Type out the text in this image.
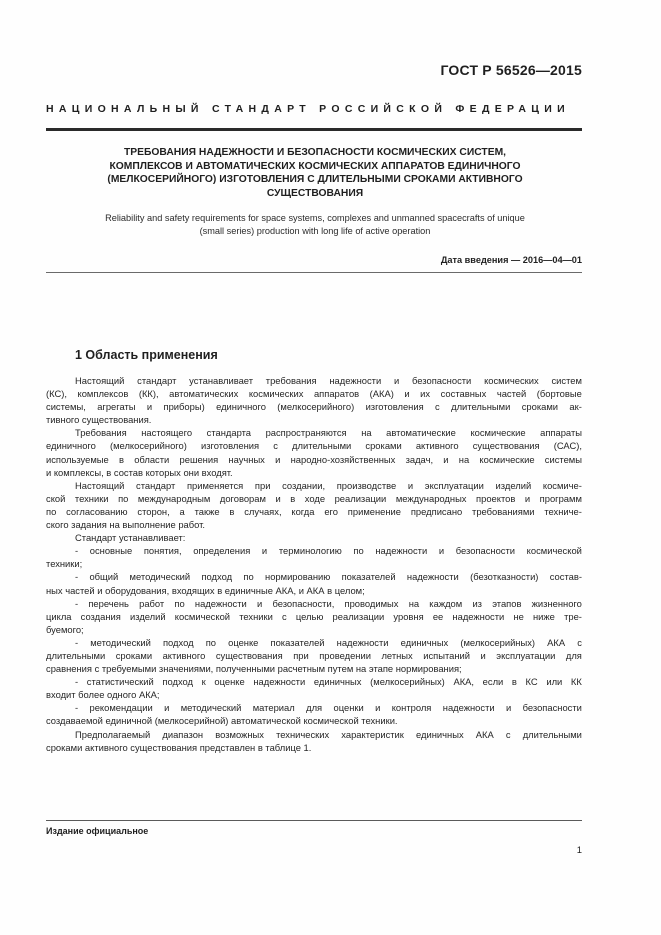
ГОСТ Р 56526—2015
НАЦИОНАЛЬНЫЙ СТАНДАРТ РОССИЙСКОЙ ФЕДЕРАЦИИ
ТРЕБОВАНИЯ НАДЕЖНОСТИ И БЕЗОПАСНОСТИ КОСМИЧЕСКИХ СИСТЕМ,
КОМПЛЕКСОВ И АВТОМАТИЧЕСКИХ КОСМИЧЕСКИХ АППАРАТОВ ЕДИНИЧНОГО
(МЕЛКОСЕРИЙНОГО) ИЗГОТОВЛЕНИЯ С ДЛИТЕЛЬНЫМИ СРОКАМИ АКТИВНОГО
СУЩЕСТВОВАНИЯ
Reliability and safety requirements for space systems, complexes and unmanned spacecrafts of unique
(small series) production with long life of active operation
Дата введения — 2016—04—01
1 Область применения
Настоящий стандарт устанавливает требования надежности и безопасности космических систем
(КС), комплексов (КК), автоматических космических аппаратов (АКА) и их составных частей (бортовые
системы, агрегаты и приборы) единичного (мелкосерийного) изготовления с длительными сроками ак-
тивного существования.
Требования настоящего стандарта распространяются на автоматические космические аппараты
единичного (мелкосерийного) изготовления с длительными сроками активного существования (САС),
используемые в области решения научных и народно-хозяйственных задач, и на космические системы
и комплексы, в состав которых они входят.
Настоящий стандарт применяется при создании, производстве и эксплуатации изделий космиче-
ской техники по международным договорам и в ходе реализации международных проектов и программ
по согласованию сторон, а также в случаях, когда его применение предписано требованиями техниче-
ского задания на выполнение работ.
Стандарт устанавливает:
- основные понятия, определения и терминологию по надежности и безопасности космической
техники;
- общий методический подход по нормированию показателей надежности (безотказности) состав-
ных частей и оборудования, входящих в единичные АКА, и АКА в целом;
- перечень работ по надежности и безопасности, проводимых на каждом из этапов жизненного
цикла создания изделий космической техники с целью реализации уровня ее надежности не ниже тре-
буемого;
- методический подход по оценке показателей надежности единичных (мелкосерийных) АКА с
длительными сроками активного существования при проведении летных испытаний и эксплуатации для
сравнения с требуемыми значениями, полученными расчетным путем на этапе нормирования;
- статистический подход к оценке надежности единичных (мелкосерийных) АКА, если в КС или КК
входит более одного АКА;
- рекомендации и методический материал для оценки и контроля надежности и безопасности
создаваемой единичной (мелкосерийной) автоматической космической техники.
Предполагаемый диапазон возможных технических характеристик единичных АКА с длительными
сроками активного существования представлен в таблице 1.
Издание официальное
1
